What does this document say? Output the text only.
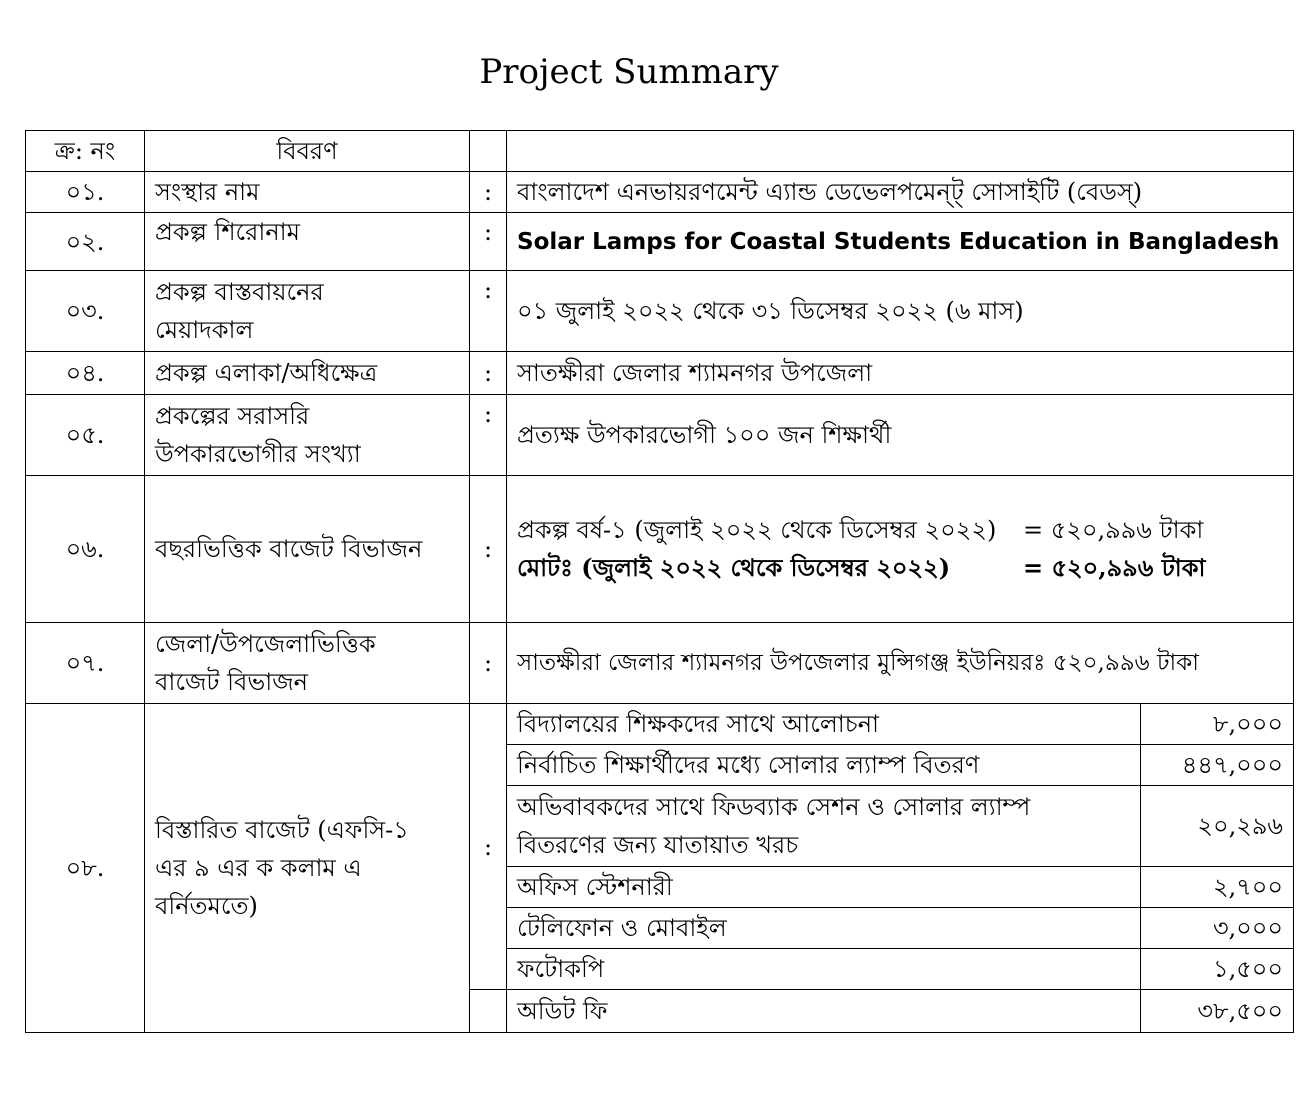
Project Summary
ক্র: নং	বিবরণ			
০১.	সংস্থার নাম	:	বাংলাদেশ এনভায়রণমেন্ট এ্যান্ড ডেভেলপমেন্ট্ সোসাইটি (বেডস্)	
০২.	প্রকল্প শিরোনাম	:	Solar Lamps for Coastal Students Education in Bangladesh	
০৩.	প্রকল্প বাস্তবায়নের
মেয়াদকাল	:	০১ জুলাই ২০২২ থেকে ৩১ ডিসেম্বর ২০২২ (৬ মাস)	
০৪.	প্রকল্প এলাকা/অধিক্ষেত্র	:	সাতক্ষীরা জেলার শ্যামনগর উপজেলা	
০৫.	প্রকল্পের সরাসরি
উপকারভোগীর সংখ্যা	:	প্রত্যক্ষ উপকারভোগী ১০০ জন শিক্ষার্থী	
০৬.	বছরভিত্তিক বাজেট বিভাজন	:	প্রকল্প বর্ষ-১ (জুলাই ২০২২ থেকে ডিসেম্বর ২০২২) = ৫২০,৯৯৬ টাকা
মোটঃ (জুলাই ২০২২ থেকে ডিসেম্বর ২০২২) = ৫২০,৯৯৬ টাকা	

০৭.	জেলা/উপজেলাভিত্তিক
বাজেট বিভাজন	:	সাতক্ষীরা জেলার শ্যামনগর উপজেলার মুন্সিগঞ্জ ইউনিয়রঃ ৫২০,৯৯৬ টাকা	
০৮.	বিস্তারিত বাজেট (এফসি-১
এর ৯ এর ক কলাম এ
বর্নিতমতে)	:	বিদ্যালয়ের শিক্ষকদের সাথে আলোচনা	৮,০০০
			নির্বাচিত শিক্ষার্থীদের মধ্যে সোলার ল্যাম্প বিতরণ	৪৪৭,০০০

			অভিবাবকদের সাথে ফিডব্যাক সেশন ও সোলার ল্যাম্প
বিতরণের জন্য যাতায়াত খরচ	২০,২৯৬
			অফিস স্টেশনারী	২,৭০০
			টেলিফোন ও মোবাইল	৩,০০০
			ফটোকপি	১,৫০০
			অডিট ফি	৩৮,৫০০
